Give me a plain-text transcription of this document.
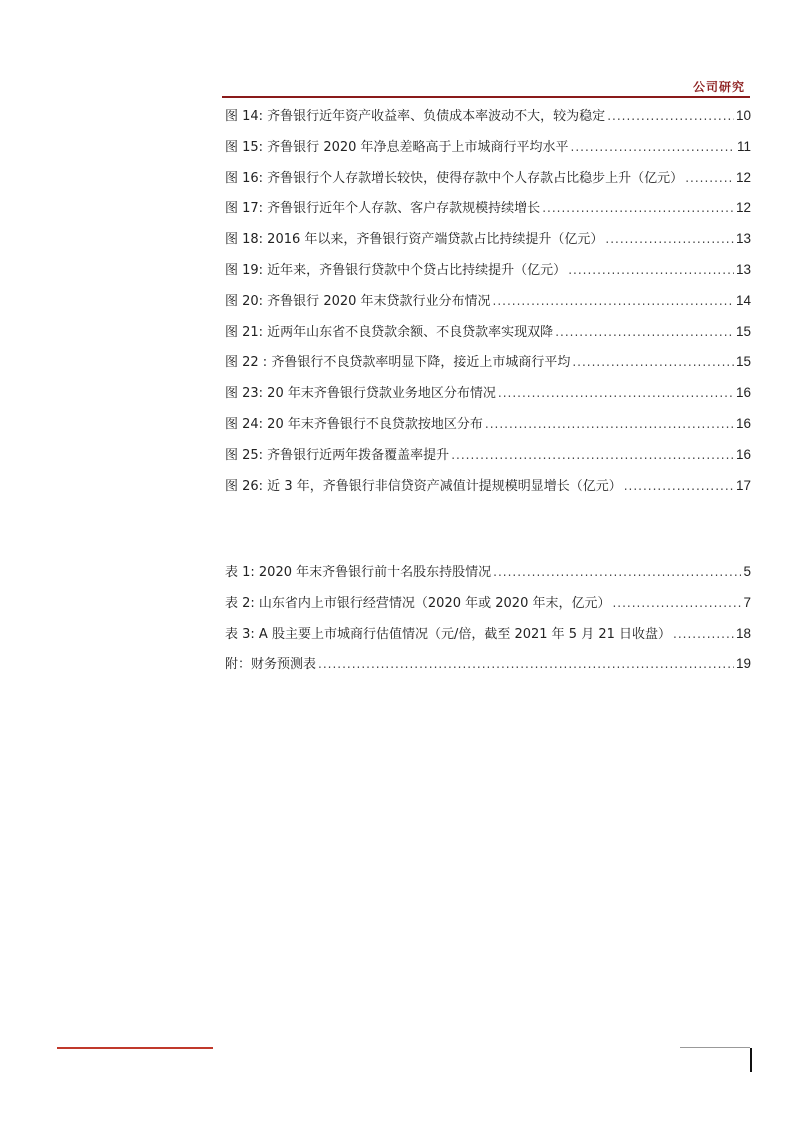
公司研究
图 14: 齐鲁银行近年资产收益率、负债成本率波动不大，较为稳定 .....	10
图 15: 齐鲁银行 2020 年净息差略高于上市城商行平均水平 .....	11
图 16: 齐鲁银行个人存款增长较快，使得存款中个人存款占比稳步上升（亿元） .....	12
图 17: 齐鲁银行近年个人存款、客户存款规模持续增长 .....	12
图 18: 2016 年以来，齐鲁银行资产端贷款占比持续提升（亿元） .....	13
图 19: 近年来，齐鲁银行贷款中个贷占比持续提升（亿元） .....	13
图 20: 齐鲁银行 2020 年末贷款行业分布情况 .....	14
图 21: 近两年山东省不良贷款余额、不良贷款率实现双降 .....	15
图 22 : 齐鲁银行不良贷款率明显下降，接近上市城商行平均 .....	15
图 23: 20 年末齐鲁银行贷款业务地区分布情况 .....	16
图 24: 20 年末齐鲁银行不良贷款按地区分布 .....	16
图 25: 齐鲁银行近两年拨备覆盖率提升 .....	16
图 26: 近 3 年，齐鲁银行非信贷资产减值计提规模明显增长（亿元） .....	17
表 1: 2020 年末齐鲁银行前十名股东持股情况 .....	5
表 2: 山东省内上市银行经营情况（2020 年或 2020 年末，亿元） .....	7
表 3: A 股主要上市城商行估值情况（元/倍，截至 2021 年 5 月 21 日收盘） .....	18
附：财务预测表 .....	19
